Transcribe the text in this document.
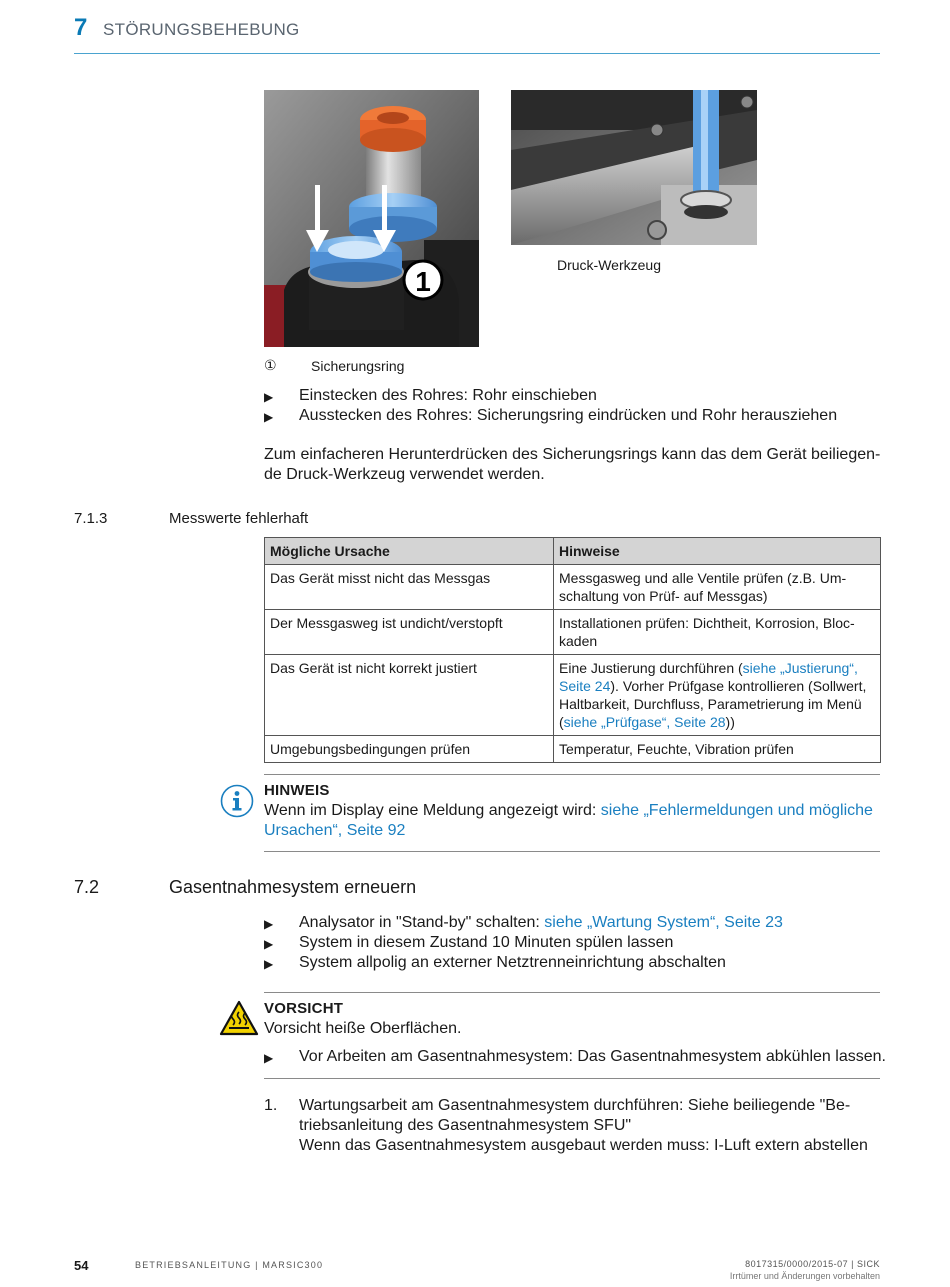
7 STÖRUNGSBEHEBUNG
1
Druck-Werkzeug
① Sicherungsring
▶ Einstecken des Rohres: Rohr einschieben
▶ Ausstecken des Rohres: Sicherungsring eindrücken und Rohr herausziehen
Zum einfacheren Herunterdrücken des Sicherungsrings kann das dem Gerät beiliegen-
de Druck-Werkzeug verwendet werden.
7.1.3	Messwerte fehlerhaft
Mögliche Ursache	Hinweise
Das Gerät misst nicht das Messgas	Messgasweg und alle Ventile prüfen (z.B. Um-schaltung von Prüf- auf Messgas)
Der Messgasweg ist undicht/verstopft	Installationen prüfen: Dichtheit, Korrosion, Bloc-kaden
Das Gerät ist nicht korrekt justiert	Eine Justierung durchführen (siehe „Justierung“, Seite 24). Vorher Prüfgase kontrollieren (Sollwert, Haltbarkeit, Durchfluss, Parametrierung im Menü (siehe „Prüfgase“, Seite 28))
Umgebungsbedingungen prüfen	Temperatur, Feuchte, Vibration prüfen
HINWEIS
Wenn im Display eine Meldung angezeigt wird: siehe „Fehlermeldungen und mögliche
Ursachen“, Seite 92
7.2	Gasentnahmesystem erneuern
▶ Analysator in "Stand-by" schalten: siehe „Wartung System“, Seite 23
▶ System in diesem Zustand 10 Minuten spülen lassen
▶ System allpolig an externer Netztrenneinrichtung abschalten
VORSICHT
Vorsicht heiße Oberflächen.
▶ Vor Arbeiten am Gasentnahmesystem: Das Gasentnahmesystem abkühlen lassen.
1. Wartungsarbeit am Gasentnahmesystem durchführen: Siehe beiliegende "Be-
triebsanleitung des Gasentnahmesystem SFU"
Wenn das Gasentnahmesystem ausgebaut werden muss: I-Luft extern abstellen
54	BETRIEBSANLEITUNG | MARSIC300	8017315/0000/2015-07 | SICK
Irrtümer und Änderungen vorbehalten
